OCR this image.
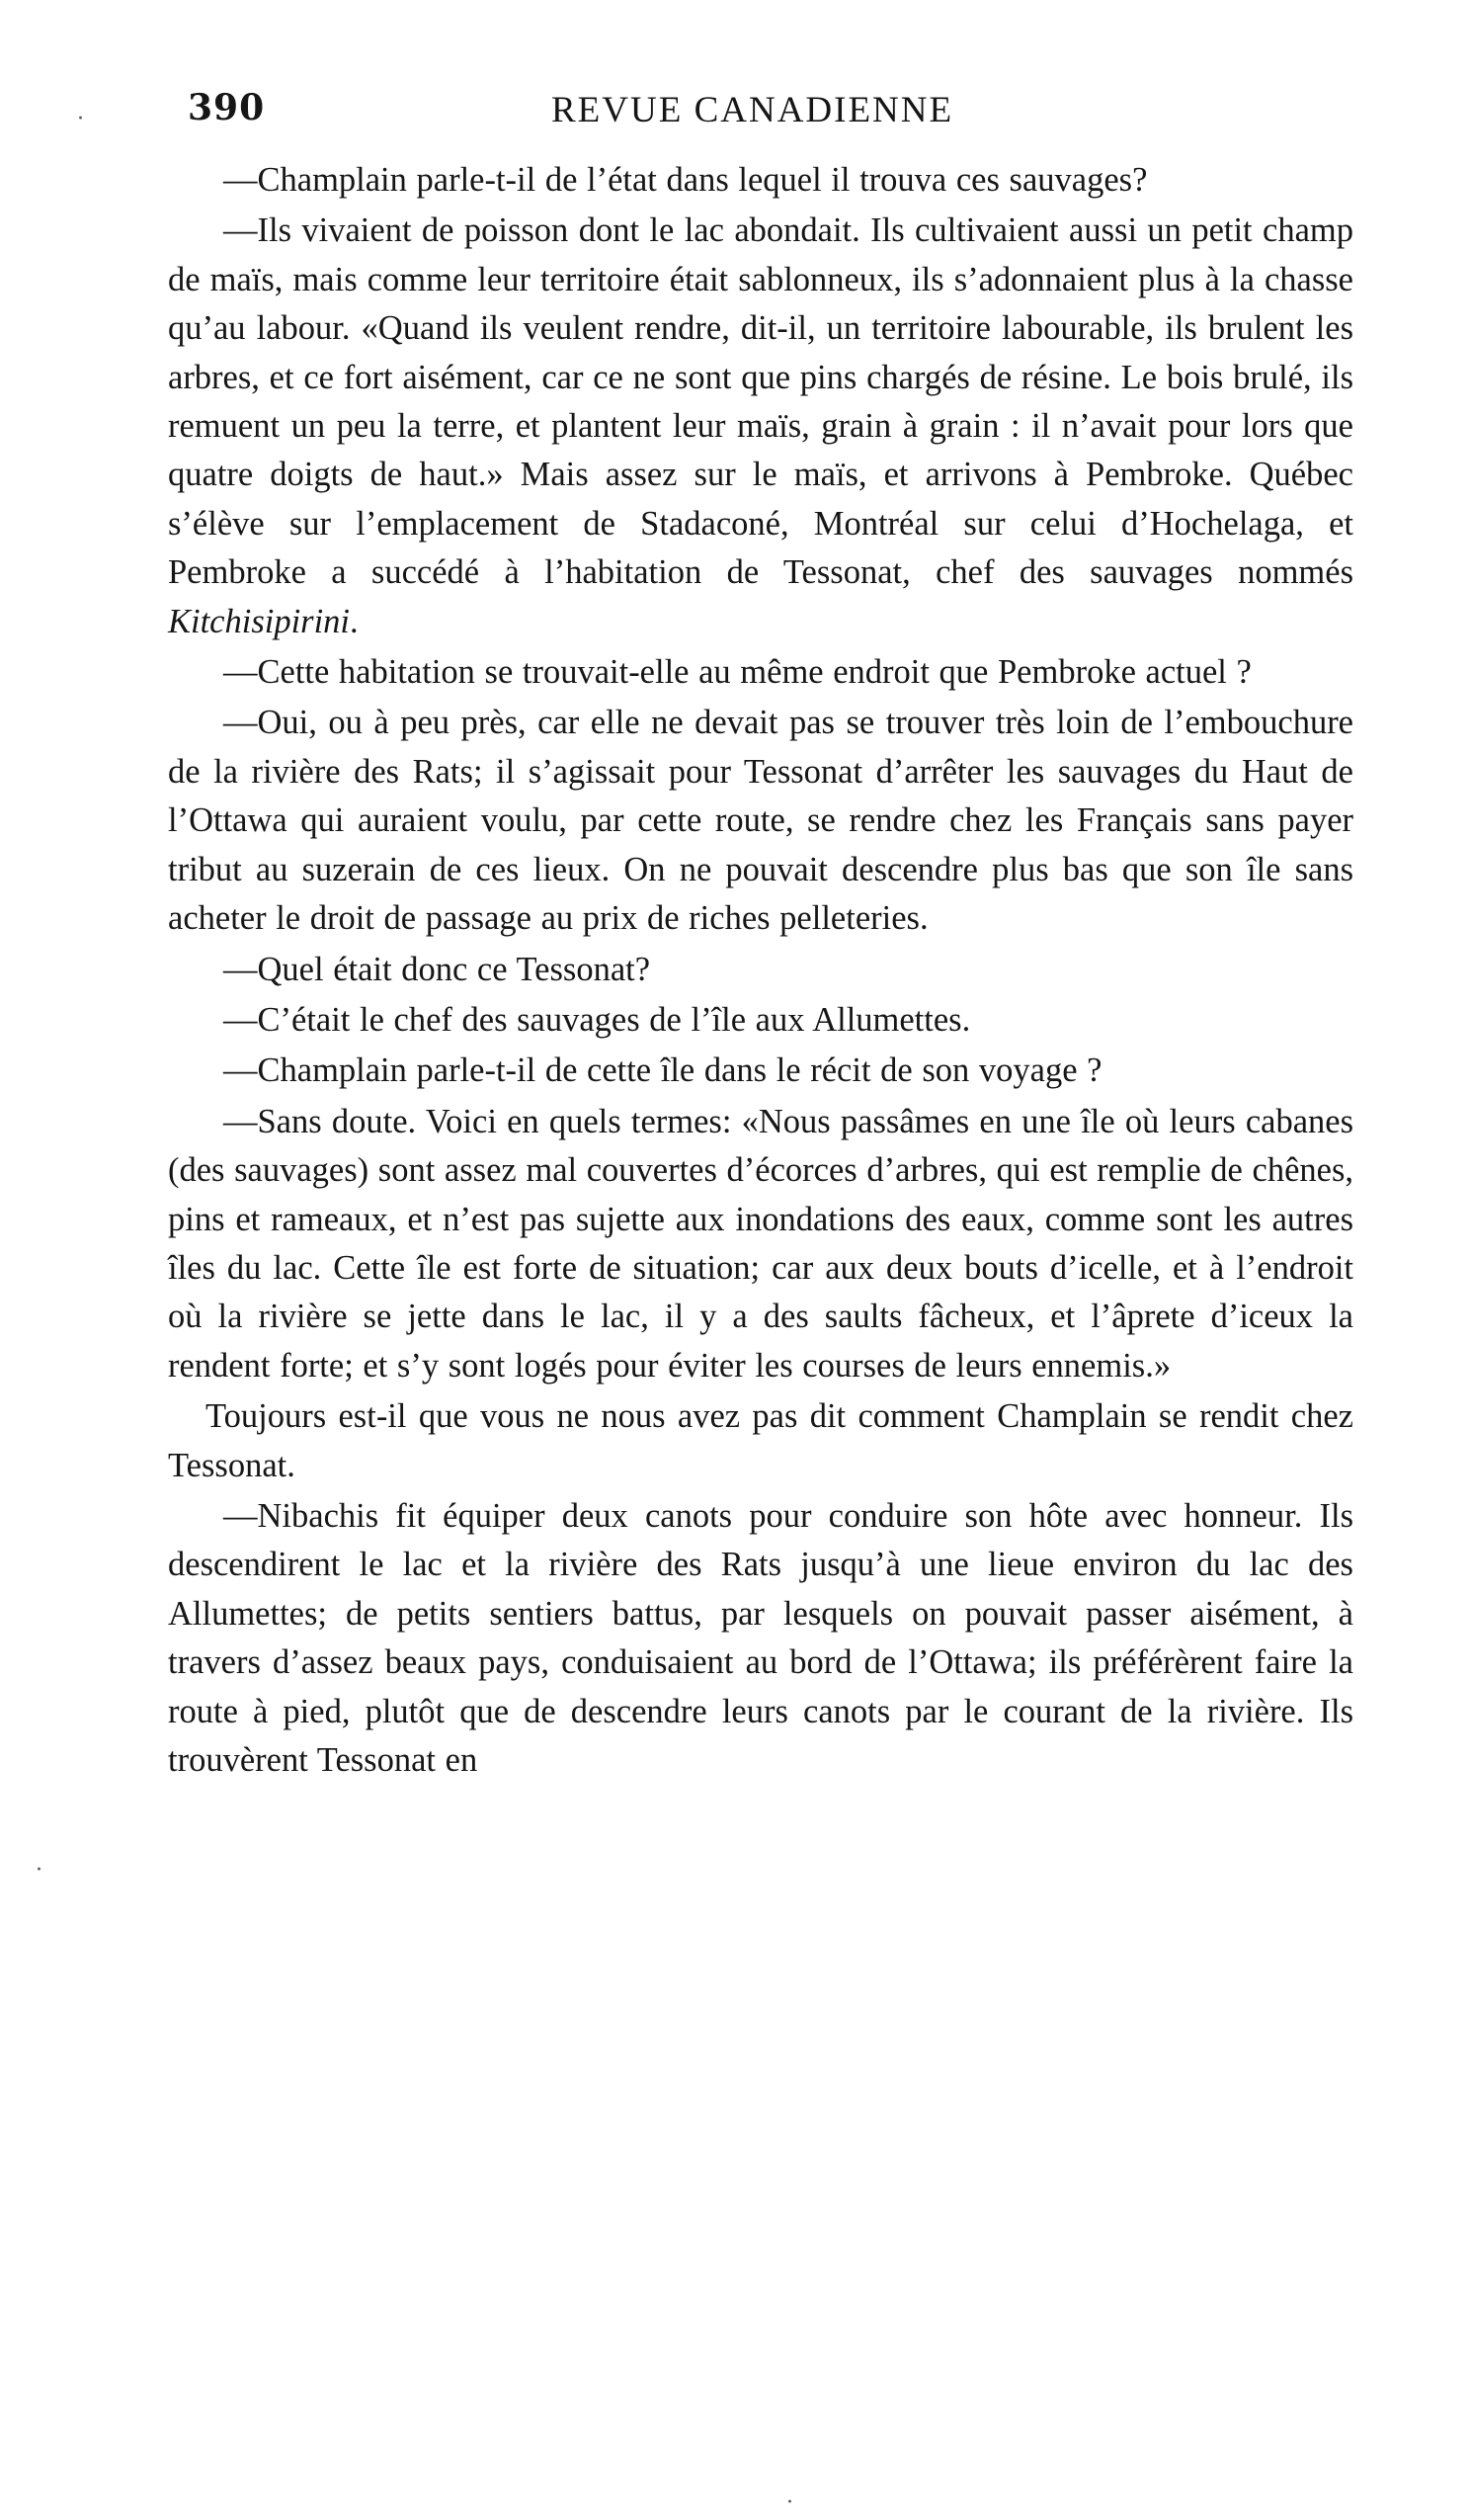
390	REVUE CANADIENNE

—Champlain parle-t-il de l’état dans lequel il trouva ces sauvages?

—Ils vivaient de poisson dont le lac abondait. Ils cultivaient aussi un petit champ de maïs, mais comme leur territoire était sablonneux, ils s’adonnaient plus à la chasse qu’au labour. «Quand ils veulent rendre, dit-il, un territoire labourable, ils brulent les arbres, et ce fort aisément, car ce ne sont que pins chargés de résine. Le bois brulé, ils remuent un peu la terre, et plantent leur maïs, grain à grain : il n’avait pour lors que quatre doigts de haut.» Mais assez sur le maïs, et arrivons à Pembroke. Québec s’élève sur l’emplacement de Stadaconé, Montréal sur celui d’Hochelaga, et Pembroke a succédé à l’habitation de Tessonat, chef des sauvages nommés Kitchisipirini.

—Cette habitation se trouvait-elle au même endroit que Pembroke actuel ?

—Oui, ou à peu près, car elle ne devait pas se trouver très loin de l’embouchure de la rivière des Rats; il s’agissait pour Tessonat d’arrêter les sauvages du Haut de l’Ottawa qui auraient voulu, par cette route, se rendre chez les Français sans payer tribut au suzerain de ces lieux. On ne pouvait descendre plus bas que son île sans acheter le droit de passage au prix de riches pelleteries.

—Quel était donc ce Tessonat?

—C’était le chef des sauvages de l’île aux Allumettes.

—Champlain parle-t-il de cette île dans le récit de son voyage ?

—Sans doute. Voici en quels termes: «Nous passâmes en une île où leurs cabanes (des sauvages) sont assez mal couvertes d’écorces d’arbres, qui est remplie de chênes, pins et rameaux, et n’est pas sujette aux inondations des eaux, comme sont les autres îles du lac. Cette île est forte de situation; car aux deux bouts d’icelle, et à l’endroit où la rivière se jette dans le lac, il y a des saults fâcheux, et l’âprete d’iceux la rendent forte; et s’y sont logés pour éviter les courses de leurs ennemis.»

Toujours est-il que vous ne nous avez pas dit comment Champlain se rendit chez Tessonat.

—Nibachis fit équiper deux canots pour conduire son hôte avec honneur. Ils descendirent le lac et la rivière des Rats jusqu’à une lieue environ du lac des Allumettes; de petits sentiers battus, par lesquels on pouvait passer aisément, à travers d’assez beaux pays, conduisaient au bord de l’Ottawa; ils préférèrent faire la route à pied, plutôt que de descendre leurs canots par le courant de la rivière. Ils trouvèrent Tessonat en

·
·
·
